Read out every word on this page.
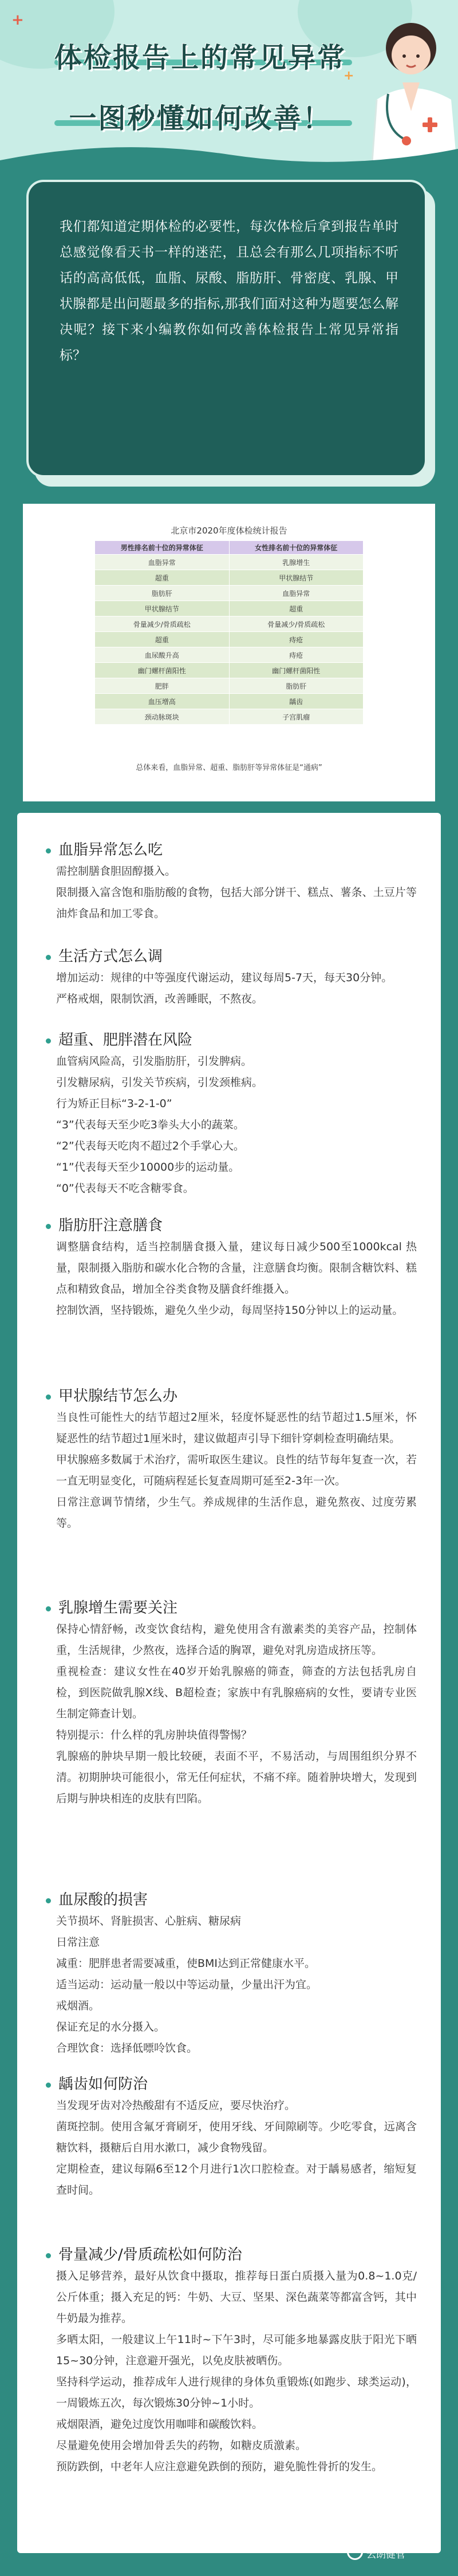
+
+
体检报告上的常见异常
一图秒懂如何改善！

我们都知道定期体检的必要性，每次体检后拿到报告单时总感觉像看天书一样的迷茫，且总会有那么几项指标不听话的高高低低，血脂、尿酸、脂肪肝、骨密度、乳腺、甲状腺都是出问题最多的指标,那我们面对这种为题要怎么解决呢？接下来小编教你如何改善体检报告上常见异常指标？

北京市2020年度体检统计报告
男性排名前十位的异常体征	女性排名前十位的异常体征
血脂异常	乳腺增生
超重	甲状腺结节
脂肪肝	血脂异常
甲状腺结节	超重
骨量减少/骨质疏松	骨量减少/骨质疏松
超重	痔疮
血尿酸升高	痔疮
幽门螺杆菌阳性	幽门螺杆菌阳性
肥胖	脂肪肝
血压增高	龋齿
颈动脉斑块	子宫肌瘤
总体来看，血脂异常、超重、脂肪肝等异常体征是“通病”
血脂异常怎么吃

需控制膳食胆固醇摄入。
限制摄入富含饱和脂肪酸的食物，包括大部分饼干、糕点、薯条、土豆片等油炸食品和加工零食。

生活方式怎么调

增加运动：规律的中等强度代谢运动，建议每周5-7天，每天30分钟。
严格戒烟，限制饮酒，改善睡眠，不熬夜。

超重、肥胖潜在风险

血管病风险高，引发脂肪肝，引发脾病。
引发糖尿病，引发关节疾病，引发颈椎病。
行为矫正目标“3-2-1-0”
“3”代表每天至少吃3拳头大小的蔬菜。
“2”代表每天吃肉不超过2个手掌心大。
“1”代表每天至少10000步的运动量。
“0”代表每天不吃含糖零食。

脂肪肝注意膳食

调整膳食结构，适当控制膳食摄入量，建议每日减少500至1000kcal 热量，限制摄入脂肪和碳水化合物的含量，注意膳食均衡。限制含糖饮料、糕点和精致食品，增加全谷类食物及膳食纤维摄入。
控制饮酒，坚持锻炼，避免久坐少动，每周坚持150分钟以上的运动量。

甲状腺结节怎么办

当良性可能性大的结节超过2厘米，轻度怀疑恶性的结节超过1.5厘米，怀疑恶性的结节超过1厘米时，建议做超声引导下细针穿刺检查明确结果。
甲状腺癌多数属于术治疗，需听取医生建议。良性的结节每年复查一次，若一直无明显变化，可随病程延长复查周期可延至2-3年一次。
日常注意调节情绪，少生气。养成规律的生活作息，避免熬夜、过度劳累等。

乳腺增生需要关注

保持心情舒畅，改变饮食结构，避免使用含有激素类的美容产品，控制体重，生活规律，少熬夜，选择合适的胸罩，避免对乳房造成挤压等。
重视检查：建议女性在40岁开始乳腺癌的筛查，筛查的方法包括乳房自检，到医院做乳腺X线、B超检查；家族中有乳腺癌病的女性，要请专业医生制定筛查计划。
特别提示：什么样的乳房肿块值得警惕？
乳腺癌的肿块早期一般比较硬，表面不平，不易活动，与周围组织分界不清。初期肿块可能很小，常无任何症状，不痛不痒。随着肿块增大，发现到后期与肿块相连的皮肤有凹陷。

血尿酸的损害

关节损坏、肾脏损害、心脏病、糖尿病
日常注意
减重：肥胖患者需要减重，使BMI达到正常健康水平。
适当运动：运动量一般以中等运动量，少量出汗为宜。
戒烟酒。
保证充足的水分摄入。
合理饮食：选择低嘌呤饮食。

龋齿如何防治

当发现牙齿对冷热酸甜有不适反应，要尽快治疗。
菌斑控制。使用含氟牙膏刷牙，使用牙线、牙间隙刷等。少吃零食，远离含糖饮料，摄糖后自用水漱口，减少食物残留。
定期检查，建议每隔6至12个月进行1次口腔检查。对于龋易感者，缩短复查时间。

骨量减少/骨质疏松如何防治

摄入足够营养，最好从饮食中摄取，推荐每日蛋白质摄入量为0.8~1.0克/公斤体重；摄入充足的钙：牛奶、大豆、坚果、深色蔬菜等都富含钙，其中牛奶最为推荐。
多晒太阳，一般建议上午11时~下午3时，尽可能多地暴露皮肤于阳光下晒15~30分钟，注意避开强光，以免皮肤被晒伤。
坚持科学运动，推荐成年人进行规律的身体负重锻炼(如跑步、球类运动)，一周锻炼五次，每次锻炼30分钟~1小时。
戒烟限酒，避免过度饮用咖啡和碳酸饮料。
尽量避免使用会增加骨丢失的药物，如糖皮质激素。
预防跌倒，中老年人应注意避免跌倒的预防，避免脆性骨折的发生。

云朗健管
